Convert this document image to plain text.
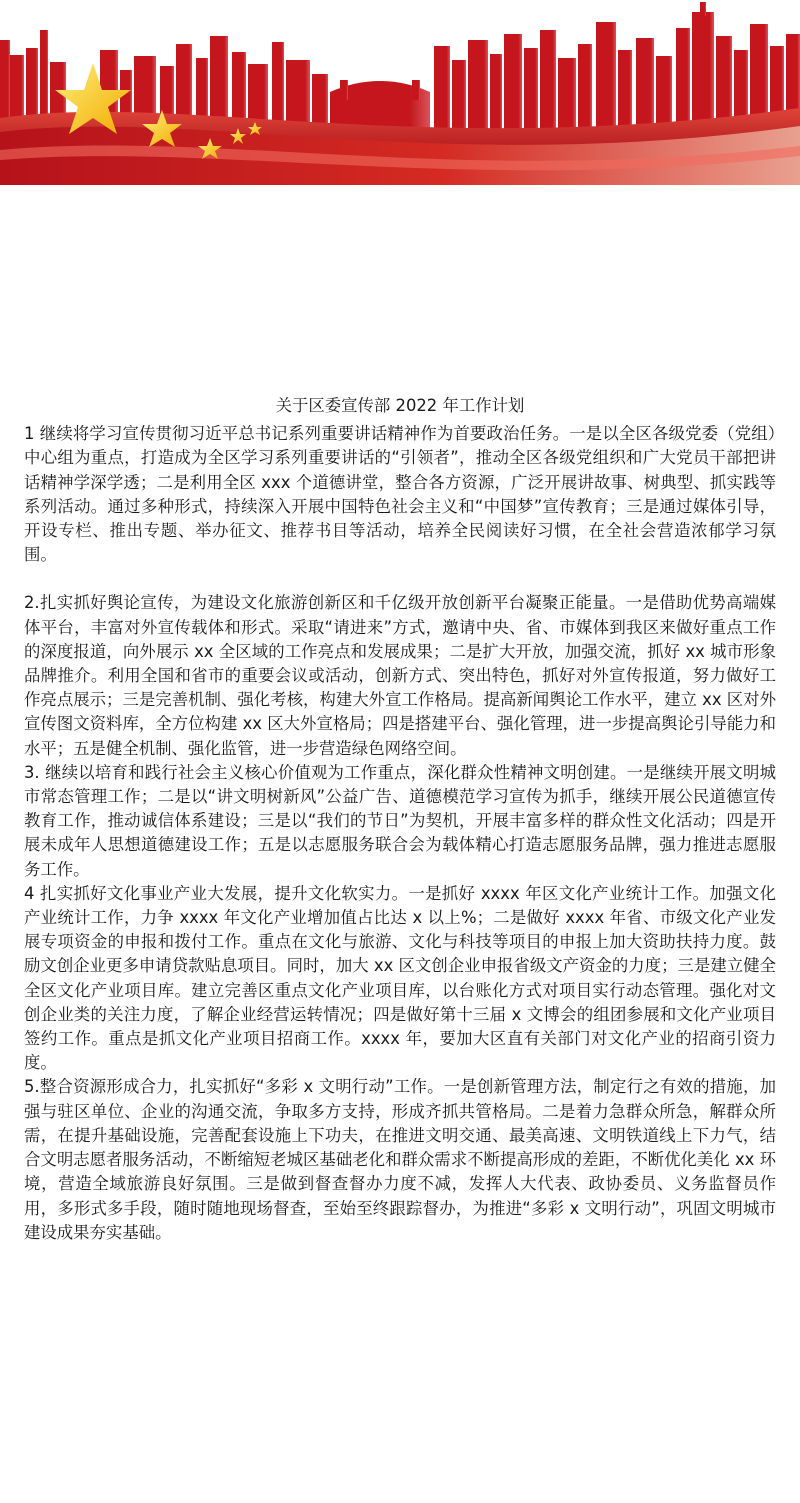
关于区委宣传部 2022 年工作计划

1 继续将学习宣传贯彻习近平总书记系列重要讲话精神作为首要政治任务。一是以全区各级党委（党组）中心组为重点，打造成为全区学习系列重要讲话的“引领者”，推动全区各级党组织和广大党员干部把讲话精神学深学透；二是利用全区 xxx 个道德讲堂，整合各方资源，广泛开展讲故事、树典型、抓实践等系列活动。通过多种形式，持续深入开展中国特色社会主义和“中国梦”宣传教育；三是通过媒体引导，开设专栏、推出专题、举办征文、推荐书目等活动，培养全民阅读好习惯，在全社会营造浓郁学习氛围。

2.扎实抓好舆论宣传，为建设文化旅游创新区和千亿级开放创新平台凝聚正能量。一是借助优势高端媒体平台，丰富对外宣传载体和形式。采取“请进来”方式，邀请中央、省、市媒体到我区来做好重点工作的深度报道，向外展示 xx 全区域的工作亮点和发展成果；二是扩大开放，加强交流，抓好 xx 城市形象品牌推介。利用全国和省市的重要会议或活动，创新方式、突出特色，抓好对外宣传报道，努力做好工作亮点展示；三是完善机制、强化考核，构建大外宣工作格局。提高新闻舆论工作水平，建立 xx 区对外宣传图文资料库，全方位构建 xx 区大外宣格局；四是搭建平台、强化管理，进一步提高舆论引导能力和水平；五是健全机制、强化监管，进一步营造绿色网络空间。

3. 继续以培育和践行社会主义核心价值观为工作重点，深化群众性精神文明创建。一是继续开展文明城市常态管理工作；二是以“讲文明树新风”公益广告、道德模范学习宣传为抓手，继续开展公民道德宣传教育工作，推动诚信体系建设；三是以“我们的节日”为契机，开展丰富多样的群众性文化活动；四是开展未成年人思想道德建设工作；五是以志愿服务联合会为载体精心打造志愿服务品牌，强力推进志愿服务工作。

4 扎实抓好文化事业产业大发展，提升文化软实力。一是抓好 xxxx 年区文化产业统计工作。加强文化产业统计工作，力争 xxxx 年文化产业增加值占比达 x 以上%；二是做好 xxxx 年省、市级文化产业发展专项资金的申报和拨付工作。重点在文化与旅游、文化与科技等项目的申报上加大资助扶持力度。鼓励文创企业更多申请贷款贴息项目。同时，加大 xx 区文创企业申报省级文产资金的力度；三是建立健全全区文化产业项目库。建立完善区重点文化产业项目库，以台账化方式对项目实行动态管理。强化对文创企业类的关注力度，了解企业经营运转情况；四是做好第十三届 x 文博会的组团参展和文化产业项目签约工作。重点是抓文化产业项目招商工作。xxxx 年，要加大区直有关部门对文化产业的招商引资力度。

5.整合资源形成合力，扎实抓好“多彩 x 文明行动”工作。一是创新管理方法，制定行之有效的措施，加强与驻区单位、企业的沟通交流，争取多方支持，形成齐抓共管格局。二是着力急群众所急，解群众所需，在提升基础设施，完善配套设施上下功夫，在推进文明交通、最美高速、文明铁道线上下力气，结合文明志愿者服务活动，不断缩短老城区基础老化和群众需求不断提高形成的差距，不断优化美化 xx 环境，营造全域旅游良好氛围。三是做到督查督办力度不减，发挥人大代表、政协委员、义务监督员作用，多形式多手段，随时随地现场督查，至始至终跟踪督办，为推进“多彩 x 文明行动”，巩固文明城市建设成果夯实基础。
